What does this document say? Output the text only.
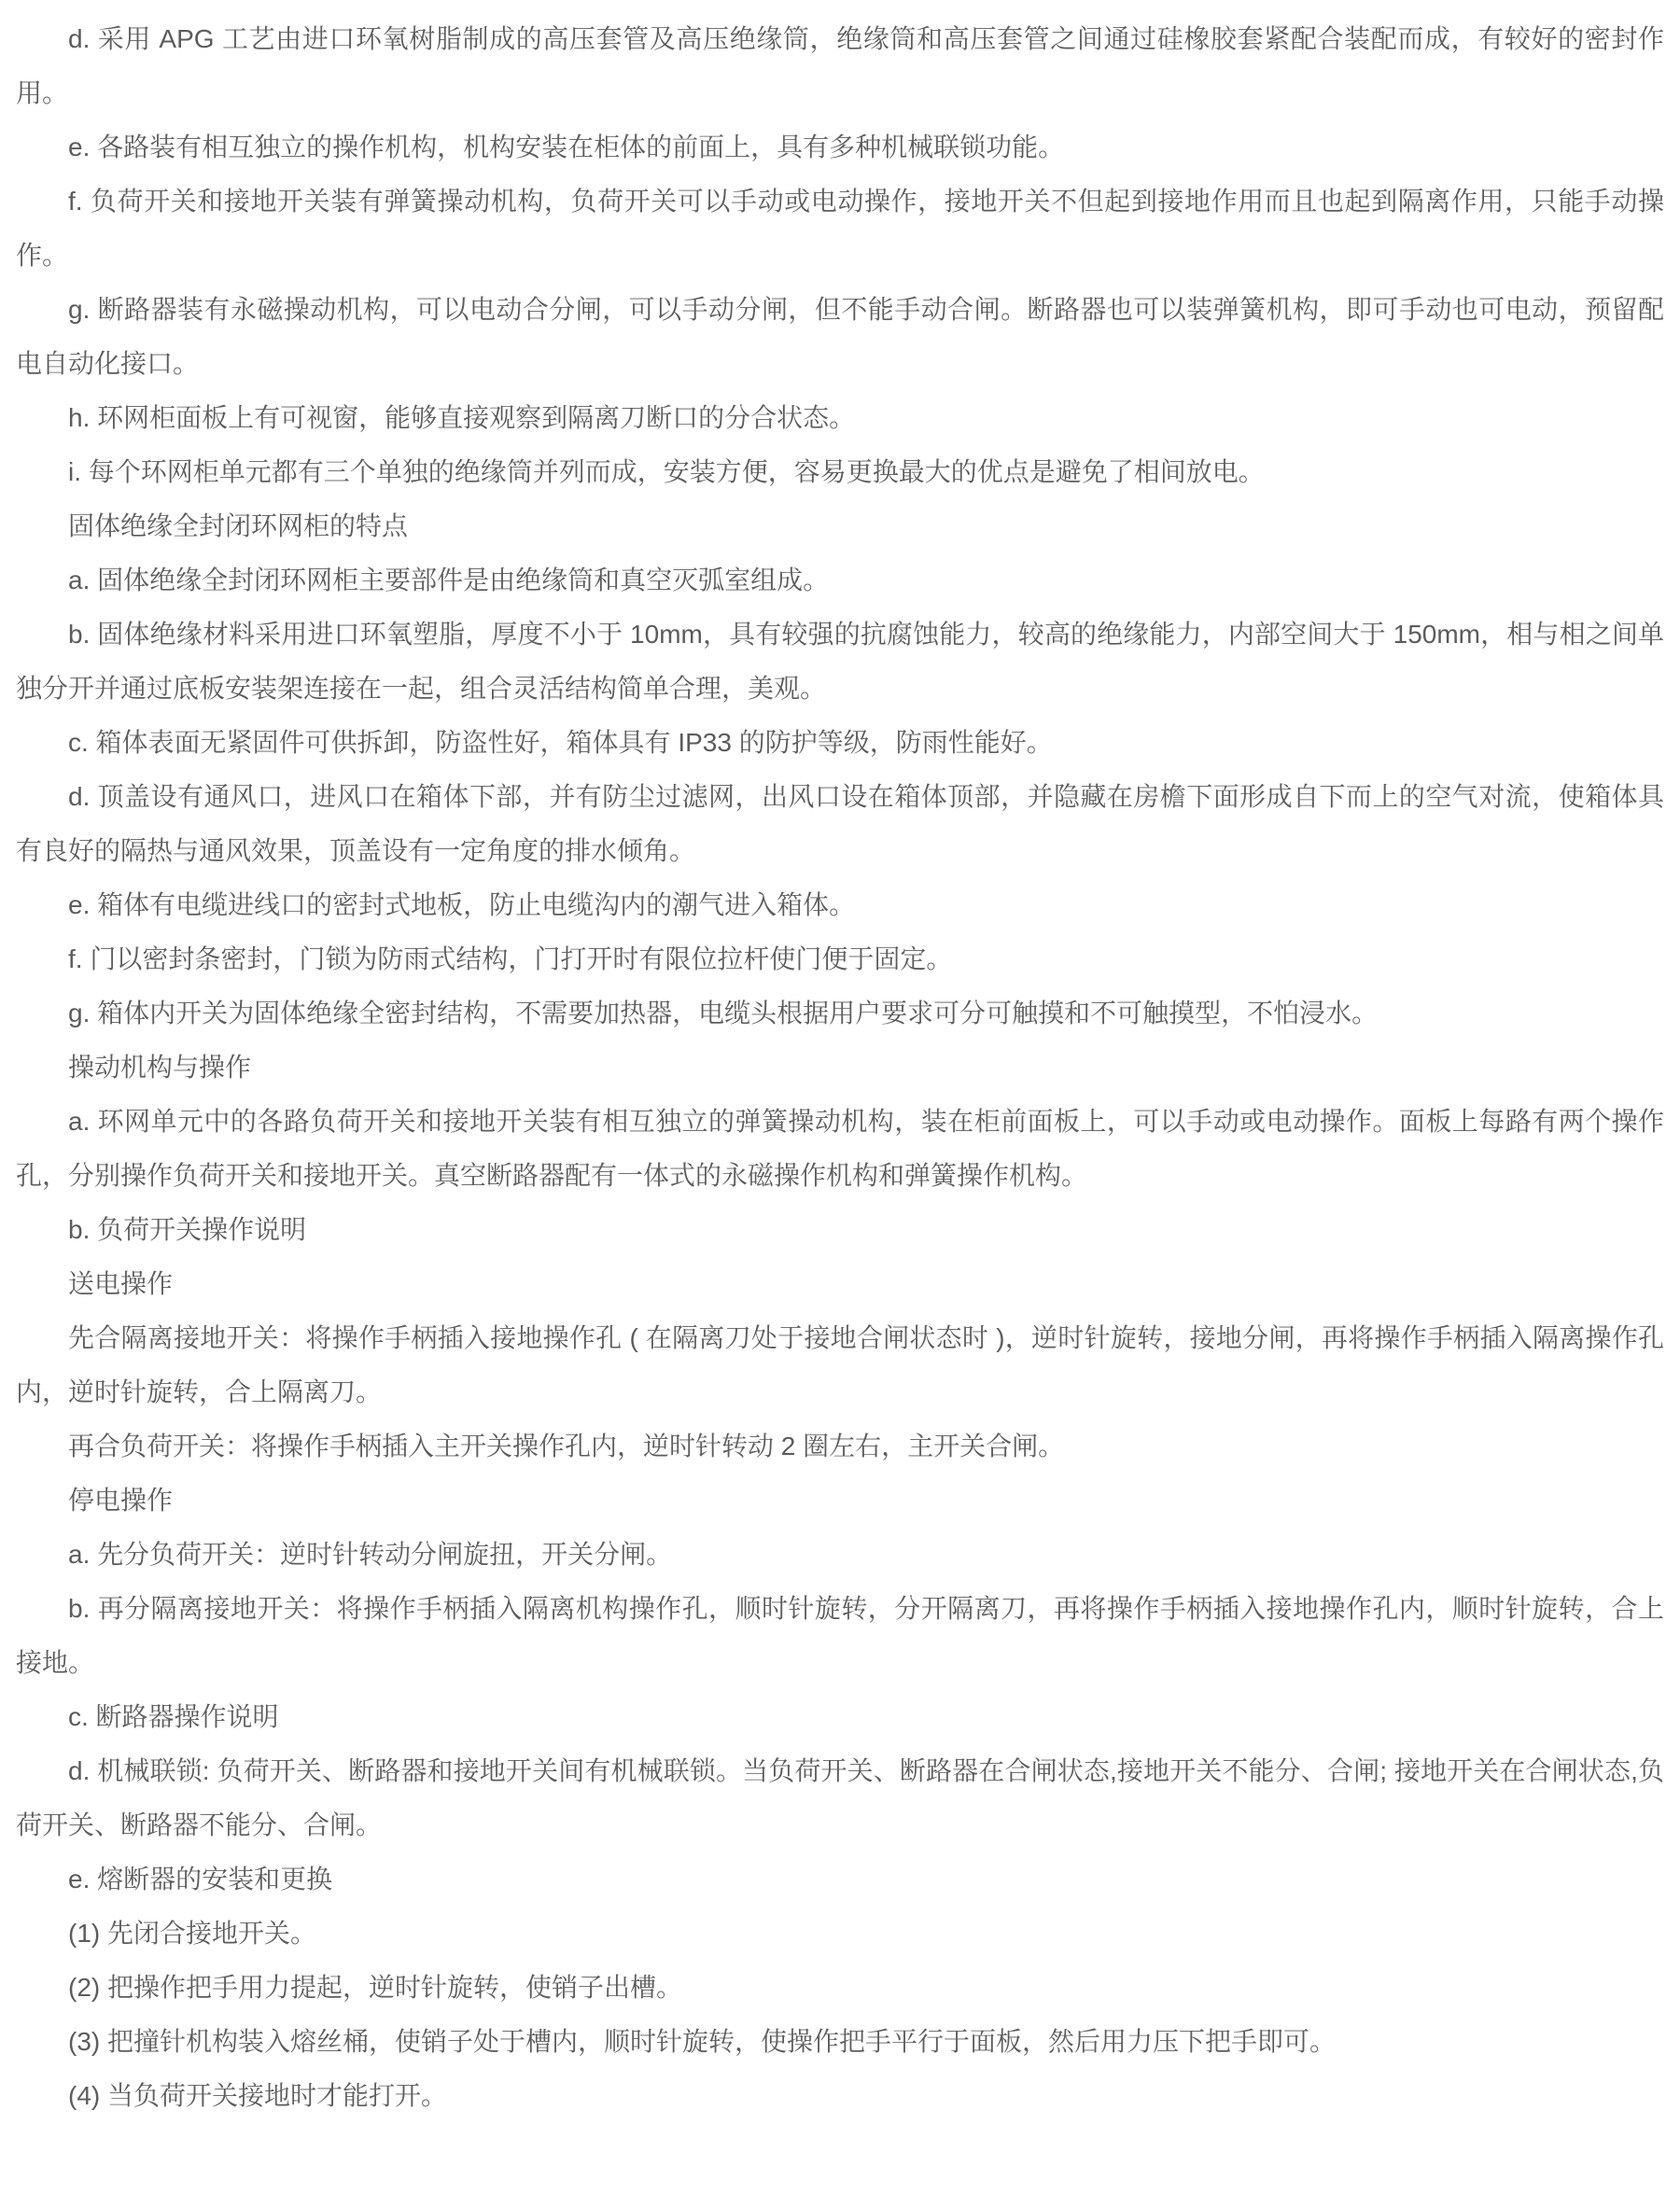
d. 采用 APG 工艺由进口环氧树脂制成的高压套管及高压绝缘筒，绝缘筒和高压套管之间通过硅橡胶套紧配合装配而成，有较好的密封作用。

e. 各路装有相互独立的操作机构，机构安装在柜体的前面上，具有多种机械联锁功能。

f. 负荷开关和接地开关装有弹簧操动机构，负荷开关可以手动或电动操作，接地开关不但起到接地作用而且也起到隔离作用，只能手动操作。

g. 断路器装有永磁操动机构，可以电动合分闸，可以手动分闸，但不能手动合闸。断路器也可以装弹簧机构，即可手动也可电动，预留配电自动化接口。

h. 环网柜面板上有可视窗，能够直接观察到隔离刀断口的分合状态。

i. 每个环网柜单元都有三个单独的绝缘筒并列而成，安装方便，容易更换最大的优点是避免了相间放电。

固体绝缘全封闭环网柜的特点

a. 固体绝缘全封闭环网柜主要部件是由绝缘筒和真空灭弧室组成。

b. 固体绝缘材料采用进口环氧塑脂，厚度不小于 10mm，具有较强的抗腐蚀能力，较高的绝缘能力，内部空间大于 150mm，相与相之间单独分开并通过底板安装架连接在一起，组合灵活结构简单合理，美观。

c. 箱体表面无紧固件可供拆卸，防盗性好，箱体具有 IP33 的防护等级，防雨性能好。

d. 顶盖设有通风口，进风口在箱体下部，并有防尘过滤网，出风口设在箱体顶部，并隐藏在房檐下面形成自下而上的空气对流，使箱体具有良好的隔热与通风效果，顶盖设有一定角度的排水倾角。

e. 箱体有电缆进线口的密封式地板，防止电缆沟内的潮气进入箱体。

f. 门以密封条密封，门锁为防雨式结构，门打开时有限位拉杆使门便于固定。

g. 箱体内开关为固体绝缘全密封结构，不需要加热器，电缆头根据用户要求可分可触摸和不可触摸型，不怕浸水。

操动机构与操作

a. 环网单元中的各路负荷开关和接地开关装有相互独立的弹簧操动机构，装在柜前面板上，可以手动或电动操作。面板上每路有两个操作孔，分别操作负荷开关和接地开关。真空断路器配有一体式的永磁操作机构和弹簧操作机构。

b. 负荷开关操作说明

送电操作

先合隔离接地开关：将操作手柄插入接地操作孔 ( 在隔离刀处于接地合闸状态时 )，逆时针旋转，接地分闸，再将操作手柄插入隔离操作孔内，逆时针旋转，合上隔离刀。

再合负荷开关：将操作手柄插入主开关操作孔内，逆时针转动 2 圈左右，主开关合闸。

停电操作

a. 先分负荷开关：逆时针转动分闸旋扭，开关分闸。

b. 再分隔离接地开关：将操作手柄插入隔离机构操作孔，顺时针旋转，分开隔离刀，再将操作手柄插入接地操作孔内，顺时针旋转，合上接地。

c. 断路器操作说明

d. 机械联锁: 负荷开关、断路器和接地开关间有机械联锁。当负荷开关、断路器在合闸状态,接地开关不能分、合闸; 接地开关在合闸状态,负荷开关、断路器不能分、合闸。

e. 熔断器的安装和更换

(1) 先闭合接地开关。

(2) 把操作把手用力提起，逆时针旋转，使销子出槽。

(3) 把撞针机构装入熔丝桶，使销子处于槽内，顺时针旋转，使操作把手平行于面板，然后用力压下把手即可。

(4) 当负荷开关接地时才能打开。
